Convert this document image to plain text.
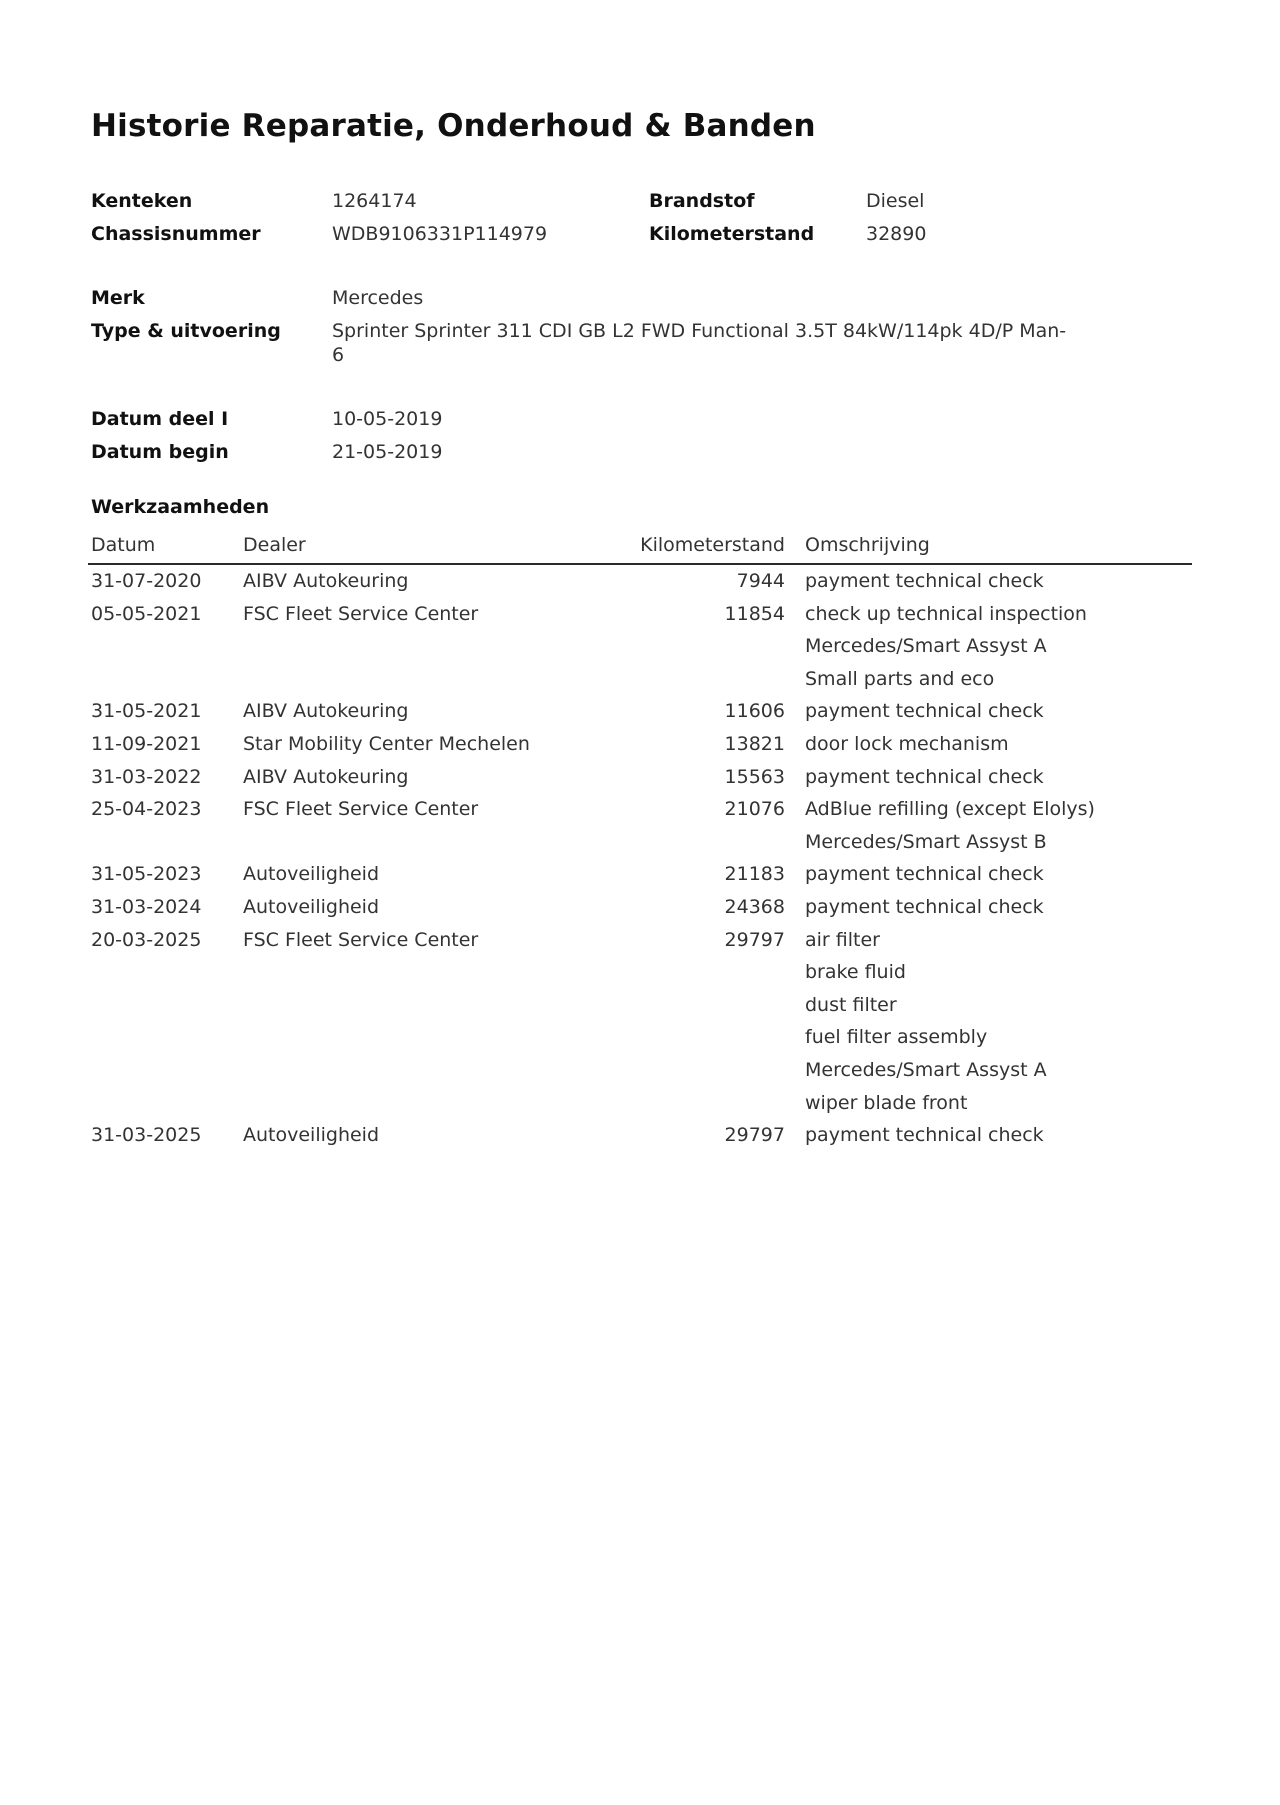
Historie Reparatie, Onderhoud & Banden
Kenteken	1264174	Brandstof	Diesel
Chassisnummer	WDB9106331P114979	Kilometerstand	32890
Merk	Mercedes
Type & uitvoering	Sprinter Sprinter 311 CDI GB L2 FWD Functional 3.5T 84kW/114pk 4D/P Man-6
Datum deel I	10-05-2019
Datum begin	21-05-2019
Werkzaamheden
Datum	Dealer	Kilometerstand Omschrijving
31-07-2020 AIBV Autokeuring	7944 payment technical check
05-05-2021 FSC Fleet Service Center	11854 check up technical inspection
Mercedes/Smart Assyst A
Small parts and eco
31-05-2021 AIBV Autokeuring	11606 payment technical check
11-09-2021 Star Mobility Center Mechelen	13821 door lock mechanism
31-03-2022 AIBV Autokeuring	15563 payment technical check
25-04-2023 FSC Fleet Service Center	21076 AdBlue refilling (except Elolys)
Mercedes/Smart Assyst B
31-05-2023 Autoveiligheid	21183 payment technical check
31-03-2024 Autoveiligheid	24368 payment technical check
20-03-2025 FSC Fleet Service Center	29797 air filter
brake fluid
dust filter
fuel filter assembly
Mercedes/Smart Assyst A
wiper blade front
31-03-2025 Autoveiligheid	29797 payment technical check
